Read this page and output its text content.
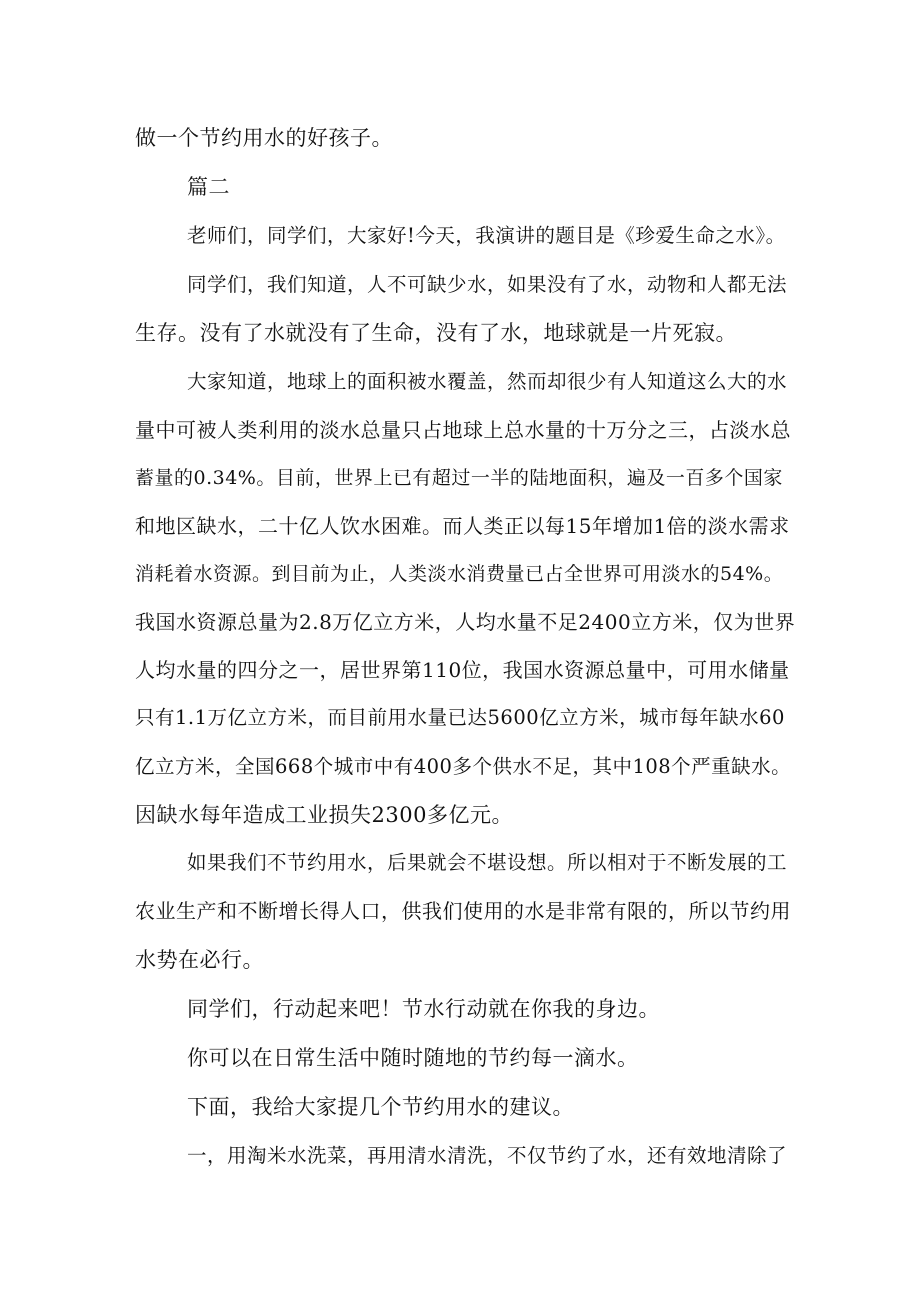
做一个节约用水的好孩子。
篇二
老师们，同学们，大家好!今天，我演讲的题目是《珍爱生命之水》。
同学们，我们知道，人不可缺少水，如果没有了水，动物和人都无法
生存。没有了水就没有了生命，没有了水，地球就是一片死寂。
大家知道，地球上的面积被水覆盖，然而却很少有人知道这么大的水
量中可被人类利用的淡水总量只占地球上总水量的十万分之三，占淡水总
蓄量的0.34%。目前，世界上已有超过一半的陆地面积，遍及一百多个国家
和地区缺水，二十亿人饮水困难。而人类正以每15年增加1倍的淡水需求
消耗着水资源。到目前为止，人类淡水消费量已占全世界可用淡水的54%。
我国水资源总量为2.8万亿立方米，人均水量不足2400立方米，仅为世界
人均水量的四分之一，居世界第110位，我国水资源总量中，可用水储量
只有1.1万亿立方米，而目前用水量已达5600亿立方米，城市每年缺水60
亿立方米，全国668个城市中有400多个供水不足，其中108个严重缺水。
因缺水每年造成工业损失2300多亿元。
如果我们不节约用水，后果就会不堪设想。所以相对于不断发展的工
农业生产和不断增长得人口，供我们使用的水是非常有限的，所以节约用
水势在必行。
同学们，行动起来吧！节水行动就在你我的身边。
你可以在日常生活中随时随地的节约每一滴水。
下面，我给大家提几个节约用水的建议。
一，用淘米水洗菜，再用清水清洗，不仅节约了水，还有效地清除了
